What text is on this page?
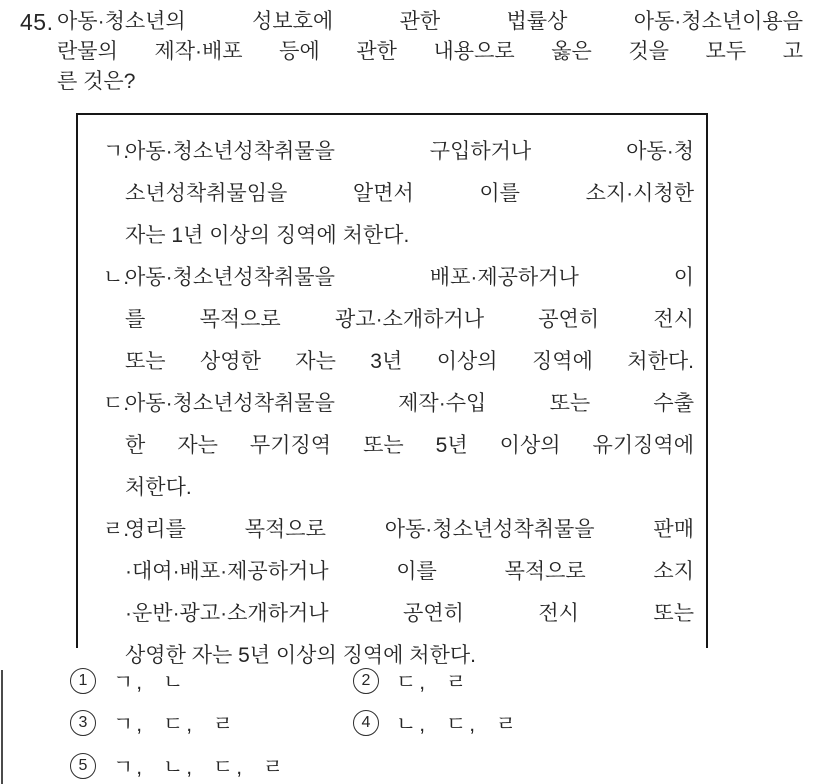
45. 아동·청소년의 성보호에 관한 법률상 아동·청소년이용음
란물의 제작·배포 등에 관한 내용으로 옳은 것을 모두 고
른 것은?
ㄱ.
아동·청소년성착취물을 구입하거나 아동·청
소년성착취물임을 알면서 이를 소지·시청한
자는 1년 이상의 징역에 처한다.
ㄴ.
아동·청소년성착취물을 배포·제공하거나 이
를 목적으로 광고·소개하거나 공연히 전시
또는 상영한 자는 3년 이상의 징역에 처한다.
ㄷ.
아동·청소년성착취물을 제작·수입 또는 수출
한 자는 무기징역 또는 5년 이상의 유기징역에
처한다.
ㄹ.
영리를 목적으로 아동·청소년성착취물을 판매
·대여·배포·제공하거나 이를 목적으로 소지
·운반·광고·소개하거나 공연히 전시 또는
상영한 자는 5년 이상의 징역에 처한다.
1	ㄱ, ㄴ	2	ㄷ, ㄹ
3	ㄱ, ㄷ, ㄹ	4	ㄴ, ㄷ, ㄹ
5	ㄱ, ㄴ, ㄷ, ㄹ
